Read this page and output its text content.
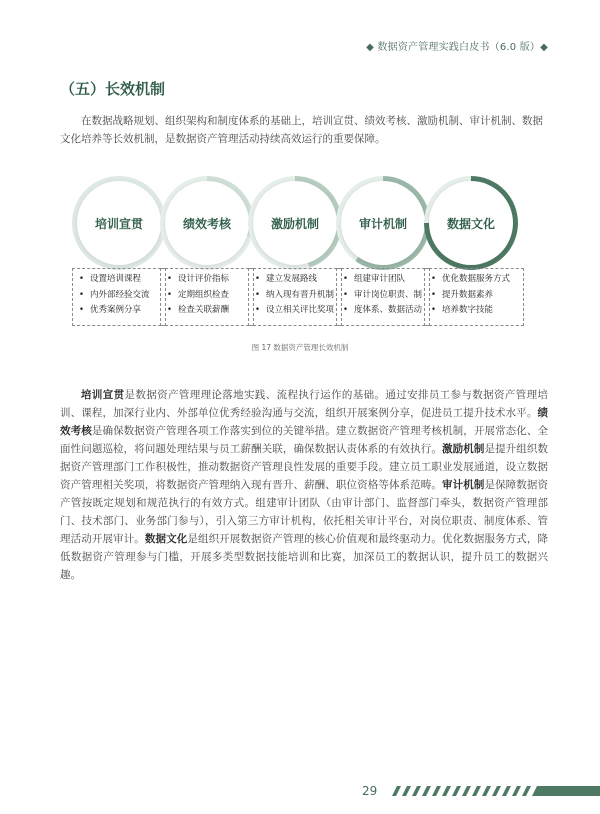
◆ 数据资产管理实践白皮书（6.0 版）◆
（五）长效机制

在数据战略规划、组织架构和制度体系的基础上，培训宣贯、绩效考核、激励机制、审计机制、数据文化培养等长效机制，是数据资产管理活动持续高效运行的重要保障。

培训宣贯	绩效考核	激励机制	审计机制	数据文化
• 设置培训课程
• 内外部经验交流
• 优秀案例分享
• 设计评价指标
• 定期组织检查
• 检查关联薪酬
• 建立发展路线
• 纳入现有晋升机制
• 设立相关评比奖项
• 组建审计团队
• 审计岗位职责、制
• 度体系、数据活动
• 优化数据服务方式
• 提升数据素养
• 培养数字技能
图 17 数据资产管理长效机制

培训宣贯是数据资产管理理论落地实践、流程执行运作的基础。通过安排员工参与数据资产管理培训、课程，加深行业内、外部单位优秀经验沟通与交流，组织开展案例分享，促进员工提升技术水平。绩效考核是确保数据资产管理各项工作落实到位的关键举措。建立数据资产管理考核机制，开展常态化、全面性问题巡检，将问题处理结果与员工薪酬关联，确保数据认责体系的有效执行。激励机制是提升组织数据资产管理部门工作积极性，推动数据资产管理良性发展的重要手段。建立员工职业发展通道，设立数据资产管理相关奖项，将数据资产管理纳入现有晋升、薪酬、职位资格等体系范畴。审计机制是保障数据资产管按既定规划和规范执行的有效方式。组建审计团队（由审计部门、监督部门牵头，数据资产管理部门、技术部门、业务部门参与），引入第三方审计机构，依托相关审计平台，对岗位职责、制度体系、管理活动开展审计。数据文化是组织开展数据资产管理的核心价值观和最终驱动力。优化数据服务方式，降低数据资产管理参与门槛，开展多类型数据技能培训和比赛，加深员工的数据认识，提升员工的数据兴趣。

29
